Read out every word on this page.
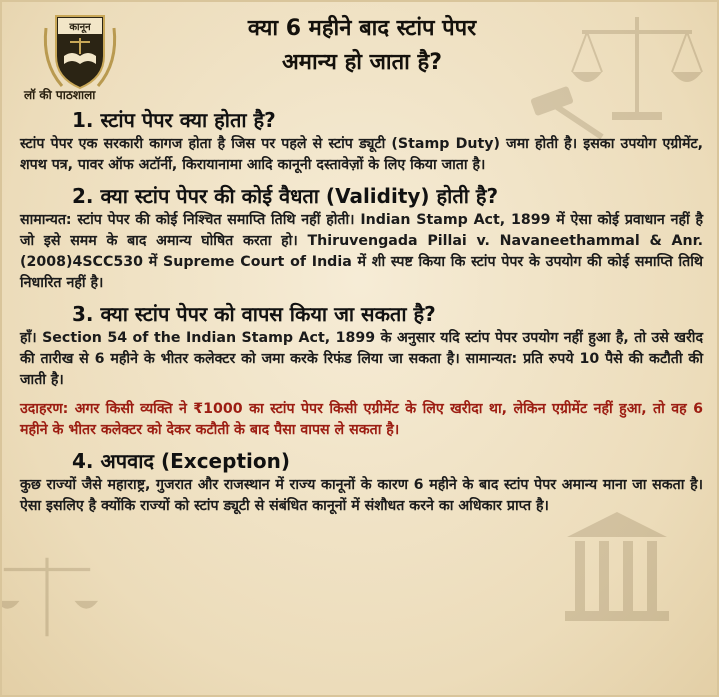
कानून
लॉ की पाठशाला
क्या 6 महीने बाद स्टांप पेपर
अमान्य हो जाता है?
1. स्टांप पेपर क्या होता है?

स्टांप पेपर एक सरकारी कागज होता है जिस पर पहले से स्टांप ड्यूटी (Stamp Duty) जमा होती है। इसका उपयोग एग्रीमेंट, शपथ पत्र, पावर ऑफ अटॉर्नी, किरायानामा आदि कानूनी दस्तावेज़ों के लिए किया जाता है।

2. क्या स्टांप पेपर की कोई वैधता (Validity) होती है?

सामान्यत: स्टांप पेपर की कोई निश्चित समाप्ति तिथि नहीं होती। Indian Stamp Act, 1899 में ऐसा कोई प्रवाधान नहीं है जो इसे समम के बाद अमान्य घोषित करता हो। Thiruvengada Pillai v. Navaneethammal & Anr.(2008)4SCC530 में Supreme Court of India में शी स्पष्ट किया कि स्टांप पेपर के उपयोग की कोई समाप्ति तिथि निधारित नहीं है।

3. क्या स्टांप पेपर को वापस किया जा सकता है?

हाँ। Section 54 of the Indian Stamp Act, 1899 के अनुसार यदि स्टांप पेपर उपयोग नहीं हुआ है, तो उसे खरीद की तारीख से 6 महीने के भीतर कलेक्टर को जमा करके रिफंड लिया जा सकता है। सामान्यत: प्रति रुपये 10 पैसे की कटौती की जाती है।

उदाहरण: अगर किसी व्यक्ति ने ₹1000 का स्टांप पेपर किसी एग्रीमेंट के लिए खरीदा था, लेकिन एग्रीमेंट नहीं हुआ, तो वह 6 महीने के भीतर कलेक्टर को देकर कटौती के बाद पैसा वापस ले सकता है।

4. अपवाद (Exception)

कुछ राज्यों जैसे महाराष्ट्र, गुजरात और राजस्थान में राज्य कानूनों के कारण 6 महीने के बाद स्टांप पेपर अमान्य माना जा सकता है।ऐसा इसलिए है क्योंकि राज्यों को स्टांप ड्यूटी से संबंधित कानूनों में संशौधत करने का अधिकार प्राप्त है।
